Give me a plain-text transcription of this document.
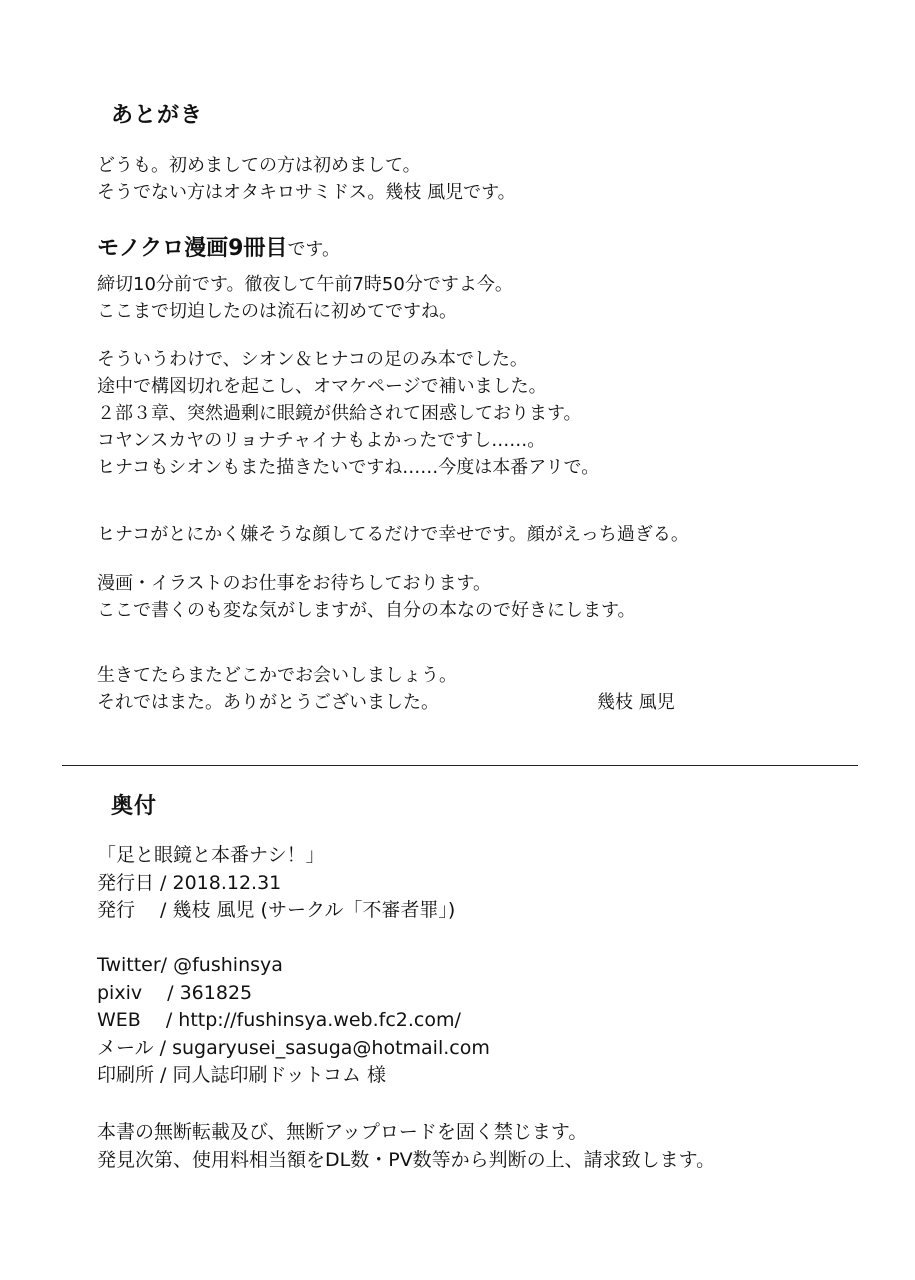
あとがき
どうも。初めましての方は初めまして。
そうでない方はオタキロサミドス。幾枝 風児です。
モノクロ漫画9冊目です。
締切10分前です。徹夜して午前7時50分ですよ今。
ここまで切迫したのは流石に初めてですね。
そういうわけで、シオン＆ヒナコの足のみ本でした。
途中で構図切れを起こし、オマケページで補いました。
２部３章、突然過剰に眼鏡が供給されて困惑しております。
コヤンスカヤのリョナチャイナもよかったですし……。
ヒナコもシオンもまた描きたいですね……今度は本番アリで。
ヒナコがとにかく嫌そうな顔してるだけで幸せです。顔がえっち過ぎる。
漫画・イラストのお仕事をお待ちしております。
ここで書くのも変な気がしますが、自分の本なので好きにします。
生きてたらまたどこかでお会いしましょう。
それではまた。ありがとうございました。	幾枝 風児
奥付
「足と眼鏡と本番ナシ！」
発行日 / 2018.12.31
発行　 / 幾枝 風児 (サークル「不審者罪」)
Twitter/ @fushinsya
pixiv　 / 361825
WEB　 / http://fushinsya.web.fc2.com/
メール / sugaryusei_sasuga@hotmail.com
印刷所 / 同人誌印刷ドットコム 様
本書の無断転載及び、無断アップロードを固く禁じます。
発見次第、使用料相当額をDL数・PV数等から判断の上、請求致します。
